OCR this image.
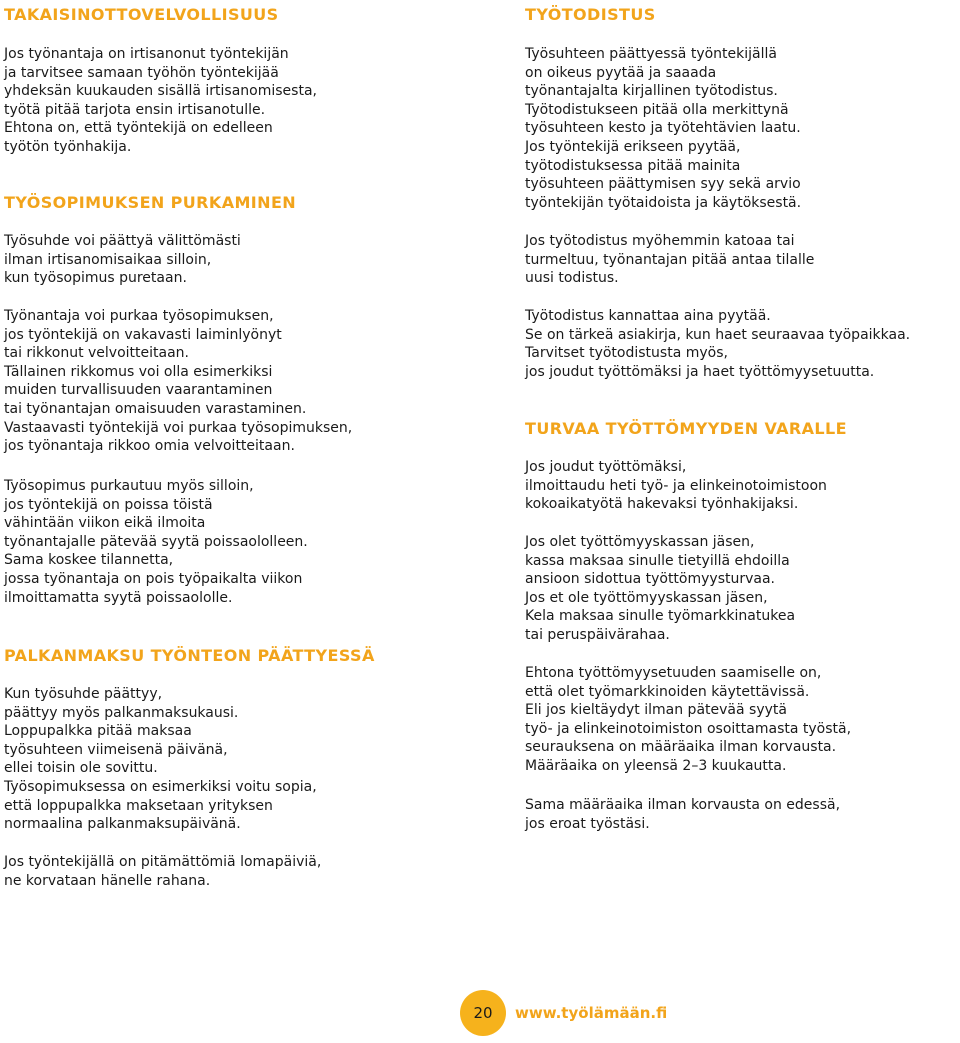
TAKAISINOTTOVELVOLLISUUS

Jos työnantaja on irtisanonut työntekijän
ja tarvitsee samaan työhön työntekijää
yhdeksän kuukauden sisällä irtisanomisesta,
työtä pitää tarjota ensin irtisanotulle.
Ehtona on, että työntekijä on edelleen
työtön työnhakija.

TYÖSOPIMUKSEN PURKAMINEN

Työsuhde voi päättyä välittömästi
ilman irtisanomisaikaa silloin,
kun työsopimus puretaan.

Työnantaja voi purkaa työsopimuksen,
jos työntekijä on vakavasti laiminlyönyt
tai rikkonut velvoitteitaan.
Tällainen rikkomus voi olla esimerkiksi
muiden turvallisuuden vaarantaminen
tai työnantajan omaisuuden varastaminen.
Vastaavasti työntekijä voi purkaa työsopimuksen,
jos työnantaja rikkoo omia velvoitteitaan.

Työsopimus purkautuu myös silloin,
jos työntekijä on poissa töistä
vähintään viikon eikä ilmoita
työnantajalle pätevää syytä poissaololleen.
Sama koskee tilannetta,
jossa työnantaja on pois työpaikalta viikon
ilmoittamatta syytä poissaololle.

PALKANMAKSU TYÖNTEON PÄÄTTYESSÄ

Kun työsuhde päättyy,
päättyy myös palkanmaksukausi.
Loppupalkka pitää maksaa
työsuhteen viimeisenä päivänä,
ellei toisin ole sovittu.
Työsopimuksessa on esimerkiksi voitu sopia,
että loppupalkka maksetaan yrityksen
normaalina palkanmaksupäivänä.

Jos työntekijällä on pitämättömiä lomapäiviä,
ne korvataan hänelle rahana.

TYÖTODISTUS

Työsuhteen päättyessä työntekijällä
on oikeus pyytää ja saaada
työnantajalta kirjallinen työtodistus.
Työtodistukseen pitää olla merkittynä
työsuhteen kesto ja työtehtävien laatu.
Jos työntekijä erikseen pyytää,
työtodistuksessa pitää mainita
työsuhteen päättymisen syy sekä arvio
työntekijän työtaidoista ja käytöksestä.

Jos työtodistus myöhemmin katoaa tai
turmeltuu, työnantajan pitää antaa tilalle
uusi todistus.

Työtodistus kannattaa aina pyytää.
Se on tärkeä asiakirja, kun haet seuraavaa työpaikkaa.
Tarvitset työtodistusta myös,
jos joudut työttömäksi ja haet työttömyysetuutta.

TURVAA TYÖTTÖMYYDEN VARALLE

Jos joudut työttömäksi,
ilmoittaudu heti työ- ja elinkeinotoimistoon
kokoaikatyötä hakevaksi työnhakijaksi.

Jos olet työttömyyskassan jäsen,
kassa maksaa sinulle tietyillä ehdoilla
ansioon sidottua työttömyysturvaa.
Jos et ole työttömyyskassan jäsen,
Kela maksaa sinulle työmarkkinatukea
tai peruspäivärahaa.

Ehtona työttömyysetuuden saamiselle on,
että olet työmarkkinoiden käytettävissä.
Eli jos kieltäydyt ilman pätevää syytä
työ- ja elinkeinotoimiston osoittamasta työstä,
seurauksena on määräaika ilman korvausta.
Määräaika on yleensä 2–3 kuukautta.

Sama määräaika ilman korvausta on edessä,
jos eroat työstäsi.

20 www.työlämään.fi
